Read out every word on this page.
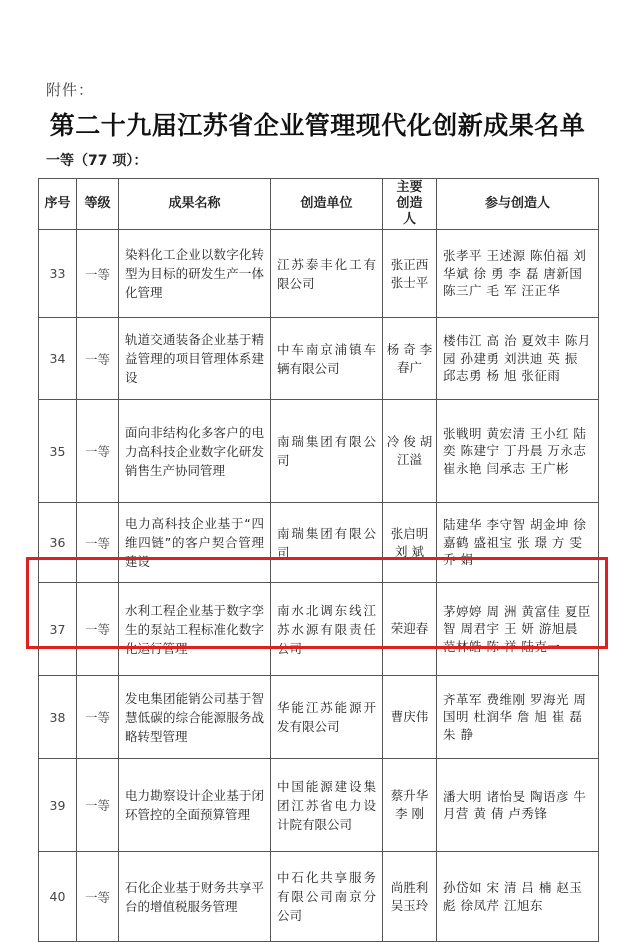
附件：
第二十九届江苏省企业管理现代化创新成果名单
一等（77 项）：
序号	等级	成果名称	创造单位	主要创造人	参与创造人
33	一等	染料化工企业以数字化转型为目标的研发生产一体化管理	江苏泰丰化工有限公司	张正西 张士平	张孝平 王述源 陈伯福 刘华斌 徐 勇 李 磊 唐新国 陈三广 毛 军 汪正华
34	一等	轨道交通装备企业基于精益管理的项目管理体系建设	中车南京浦镇车辆有限公司	杨 奇 李春广	楼伟江 高 治 夏效丰 陈月园 孙建勇 刘洪迪 英 振 邱志勇 杨 旭 张征雨
35	一等	面向非结构化多客户的电力高科技企业数字化研发销售生产协同管理	南瑞集团有限公司	冷 俊 胡江溢	张戦明 黄宏清 王小红 陆 奕 陈建宁 丁丹晨 万永志 崔永艳 闫承志 王广彬
36	一等	电力高科技企业基于“四维四链”的客户契合管理建设	南瑞集团有限公司	张启明 刘 斌	陆建华 李守智 胡金坤 徐嘉鹤 盛祖宝 张 璟 方 雯 乔 娟
37	一等	水利工程企业基于数字孪生的泵站工程标准化数字化运行管理	南水北调东线江苏水源有限责任公司	荣迎春	茅婷婷 周 洲 黄富佳 夏臣智 周君宇 王 妍 游旭晨 范林皓 陈 祥 陆克一
38	一等	发电集团能销公司基于智慧低碳的综合能源服务战略转型管理	华能江苏能源开发有限公司	曹庆伟	齐革军 费维刚 罗海光 周国明 杜润华 詹 旭 崔 磊 朱 静
39	一等	电力勘察设计企业基于闭环管控的全面预算管理	中国能源建设集团江苏省电力设计院有限公司	蔡升华 李 刚	潘大明 诸怡旻 陶语彦 牛月营 黄 倩 卢秀锋
40	一等	石化企业基于财务共享平台的增值税服务管理	中石化共享服务有限公司南京分公司	尚胜利 吴玉玲	孙岱如 宋 清 吕 楠 赵玉彪 徐凤芹 江旭东
